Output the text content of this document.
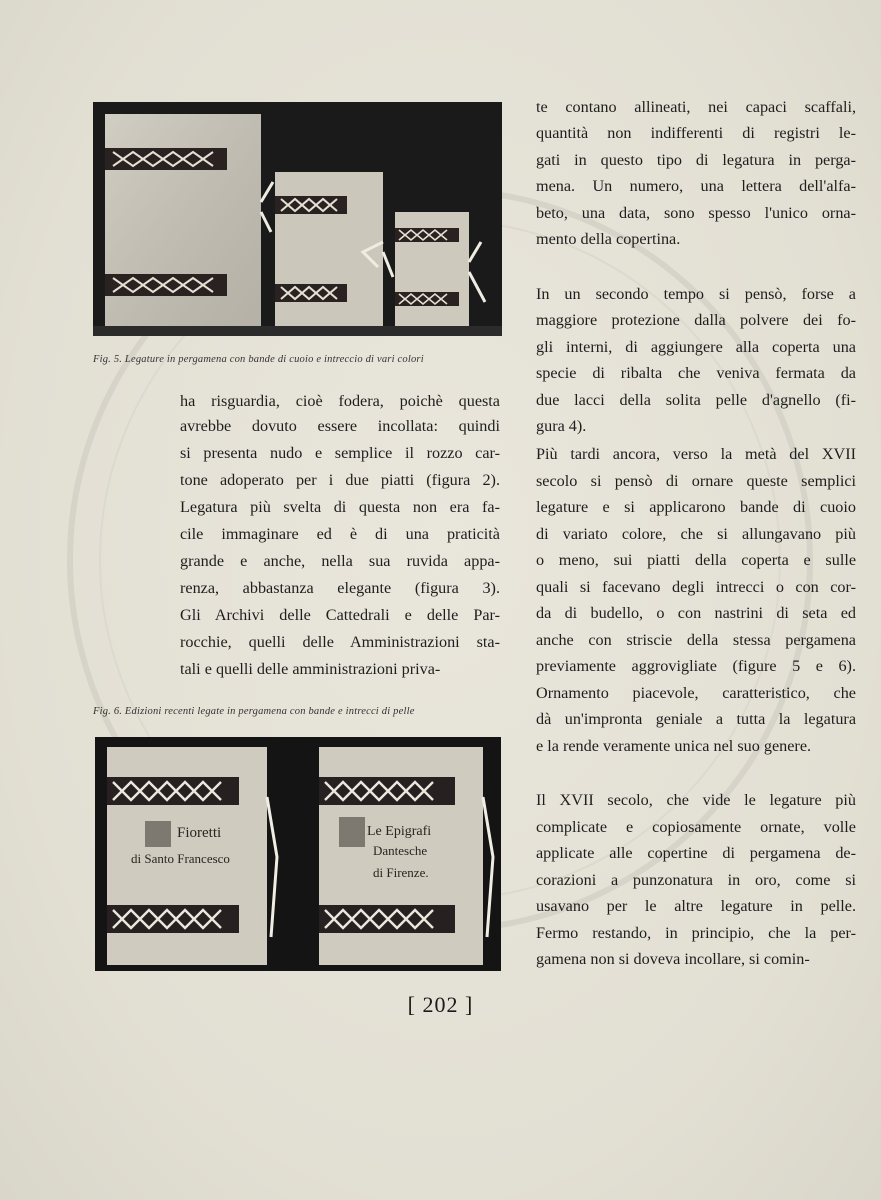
Fig. 5. Legature in pergamena con bande di cuoio e intreccio di vari colori
ha risguardia, cioè fodera, poichè questa
avrebbe dovuto essere incollata: quindi
si presenta nudo e semplice il rozzo car-
tone adoperato per i due piatti (figura 2).
Legatura più svelta di questa non era fa-
cile immaginare ed è di una praticità
grande e anche, nella sua ruvida appa-
renza, abbastanza elegante (figura 3).
Gli Archivi delle Cattedrali e delle Par-
rocchie, quelli delle Amministrazioni sta-
tali e quelli delle amministrazioni priva-
Fig. 6. Edizioni recenti legate in pergamena con bande e intrecci di pelle
Fioretti
di Santo Francesco
Le Epigrafi
Dantesche
di Firenze.
te contano allineati, nei capaci scaffali,
quantità non indifferenti di registri le-
gati in questo tipo di legatura in perga-
mena. Un numero, una lettera dell'alfa-
beto, una data, sono spesso l'unico orna-
mento della copertina.
In un secondo tempo si pensò, forse a
maggiore protezione dalla polvere dei fo-
gli interni, di aggiungere alla coperta una
specie di ribalta che veniva fermata da
due lacci della solita pelle d'agnello (fi-
gura 4).
Più tardi ancora, verso la metà del XVII
secolo si pensò di ornare queste semplici
legature e si applicarono bande di cuoio
di variato colore, che si allungavano più
o meno, sui piatti della coperta e sulle
quali si facevano degli intrecci o con cor-
da di budello, o con nastrini di seta ed
anche con striscie della stessa pergamena
previamente aggrovigliate (figure 5 e 6).
Ornamento piacevole, caratteristico, che
dà un'impronta geniale a tutta la legatura
e la rende veramente unica nel suo genere.
Il XVII secolo, che vide le legature più
complicate e copiosamente ornate, volle
applicate alle copertine di pergamena de-
corazioni a punzonatura in oro, come si
usavano per le altre legature in pelle.
Fermo restando, in principio, che la per-
gamena non si doveva incollare, si comin-
[ 202 ]
